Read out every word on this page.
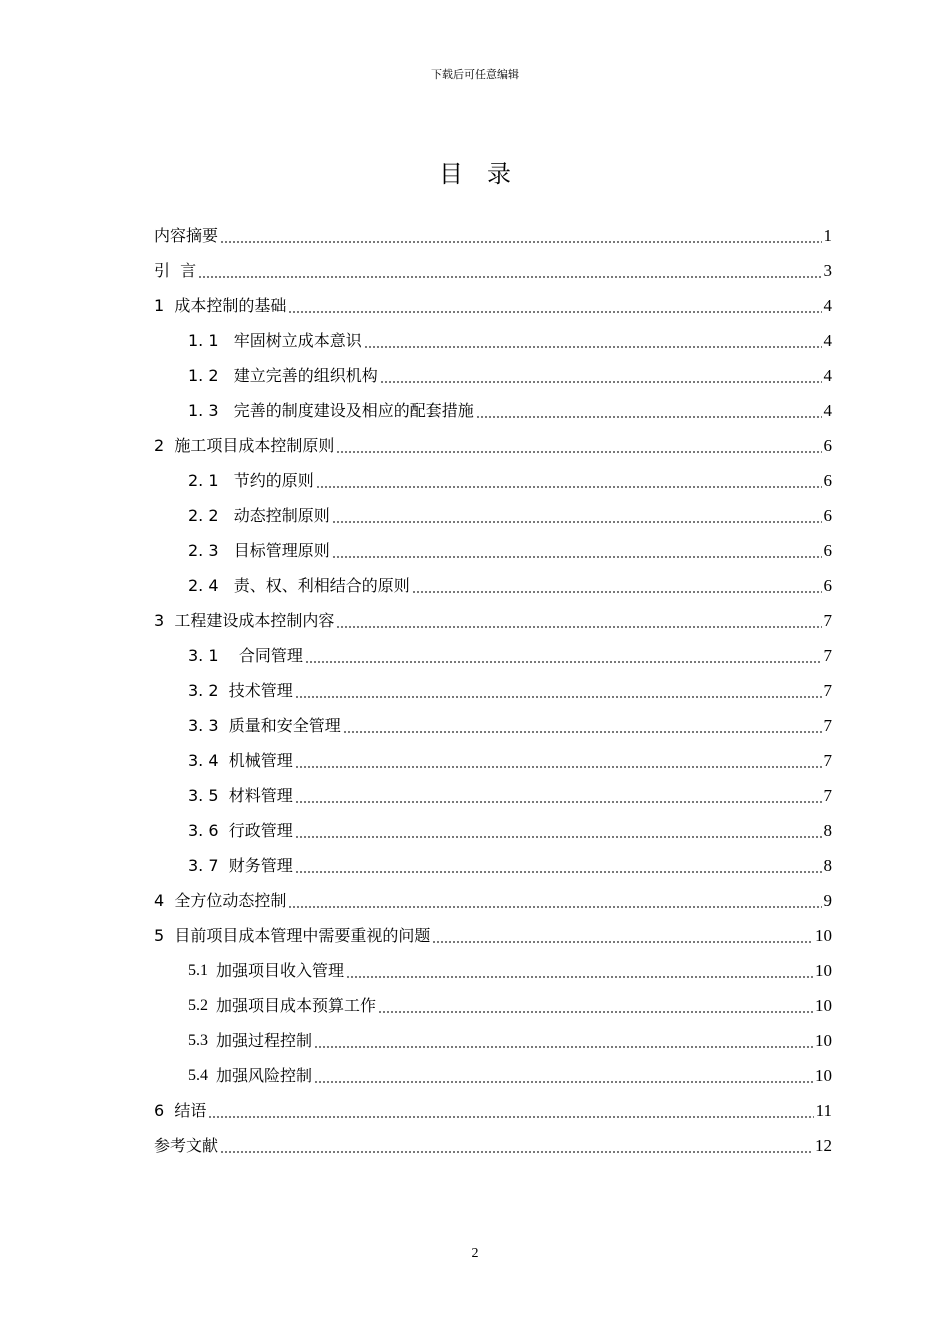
下载后可任意编辑
目录
内容摘要	1
引  言	3
1 成本控制的基础	4
1. 1 牢固树立成本意识	4
1. 2 建立完善的组织机构	4
1. 3 完善的制度建设及相应的配套措施	4
2 施工项目成本控制原则	6
2. 1 节约的原则	6
2. 2 动态控制原则	6
2. 3 目标管理原则	6
2. 4 责、权、利相结合的原则	6
3 工程建设成本控制内容	7
3. 1 合同管理	7
3. 2 技术管理	7
3. 3 质量和安全管理	7
3. 4 机械管理	7
3. 5 材料管理	7
3. 6 行政管理	8
3. 7 财务管理	8
4 全方位动态控制	9
5 目前项目成本管理中需要重视的问题	10
5.1 加强项目收入管理	10
5.2 加强项目成本预算工作	10
5.3 加强过程控制	10
5.4 加强风险控制	10
6 结语	11
参考文献	12
2
